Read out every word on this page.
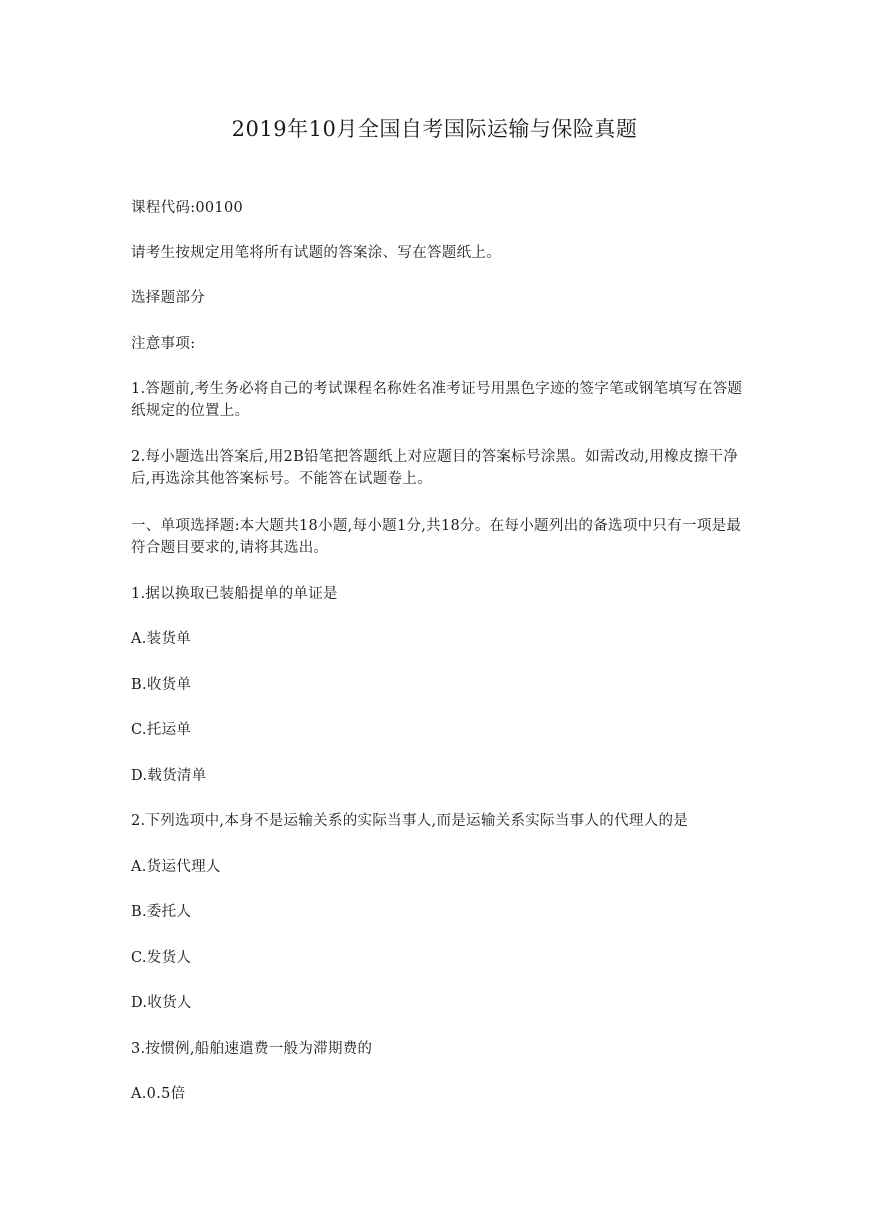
2019年10月全国自考国际运输与保险真题

课程代码:00100

请考生按规定用笔将所有试题的答案涂、写在答题纸上。

选择题部分

注意事项:

1.答题前,考生务必将自己的考试课程名称姓名准考证号用黑色字迹的签字笔或钢笔填写在答题纸规定的位置上。

2.每小题选出答案后,用2B铅笔把答题纸上对应题目的答案标号涂黑。如需改动,用橡皮擦干净后,再选涂其他答案标号。不能答在试题卷上。

一、单项选择题:本大题共18小题,每小题1分,共18分。在每小题列出的备选项中只有一项是最符合题目要求的,请将其选出。

1.据以换取已装船提单的单证是

A.装货单

B.收货单

C.托运单

D.载货清单

2.下列选项中,本身不是运输关系的实际当事人,而是运输关系实际当事人的代理人的是

A.货运代理人

B.委托人

C.发货人

D.收货人

3.按惯例,船舶速遣费一般为滞期费的

A.0.5倍
